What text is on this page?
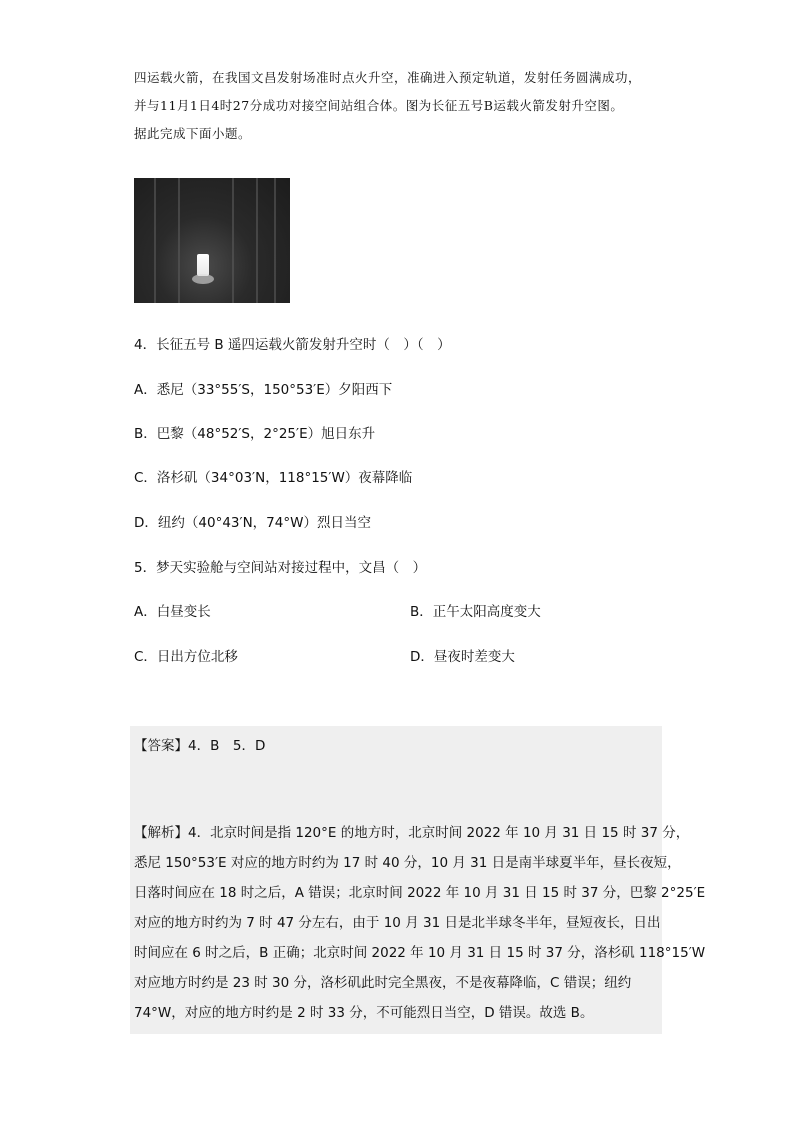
四运载火箭，在我国文昌发射场准时点火升空，准确进入预定轨道，发射任务圆满成功，

并与11月1日4时27分成功对接空间站组合体。图为长征五号B运载火箭发射升空图。

据此完成下面小题。

4．长征五号 B 遥四运载火箭发射升空时（　）（　）
A．悉尼（33°55′S，150°53′E）夕阳西下
B．巴黎（48°52′S，2°25′E）旭日东升
C．洛杉矶（34°03′N，118°15′W）夜幕降临
D．纽约（40°43′N，74°W）烈日当空
5．梦天实验舱与空间站对接过程中，文昌（　）
A．白昼变长	B．正午太阳高度变大
C．日出方位北移	D．昼夜时差变大
【答案】4．B　5．D

【解析】4．北京时间是指 120°E 的地方时，北京时间 2022 年 10 月 31 日 15 时 37 分，

悉尼 150°53′E 对应的地方时约为 17 时 40 分，10 月 31 日是南半球夏半年，昼长夜短，

日落时间应在 18 时之后，A 错误；北京时间 2022 年 10 月 31 日 15 时 37 分，巴黎 2°25′E

对应的地方时约为 7 时 47 分左右，由于 10 月 31 日是北半球冬半年，昼短夜长，日出

时间应在 6 时之后，B 正确；北京时间 2022 年 10 月 31 日 15 时 37 分，洛杉矶 118°15′W

对应地方时约是 23 时 30 分，洛杉矶此时完全黑夜，不是夜幕降临，C 错误；纽约

74°W，对应的地方时约是 2 时 33 分，不可能烈日当空，D 错误。故选 B。
